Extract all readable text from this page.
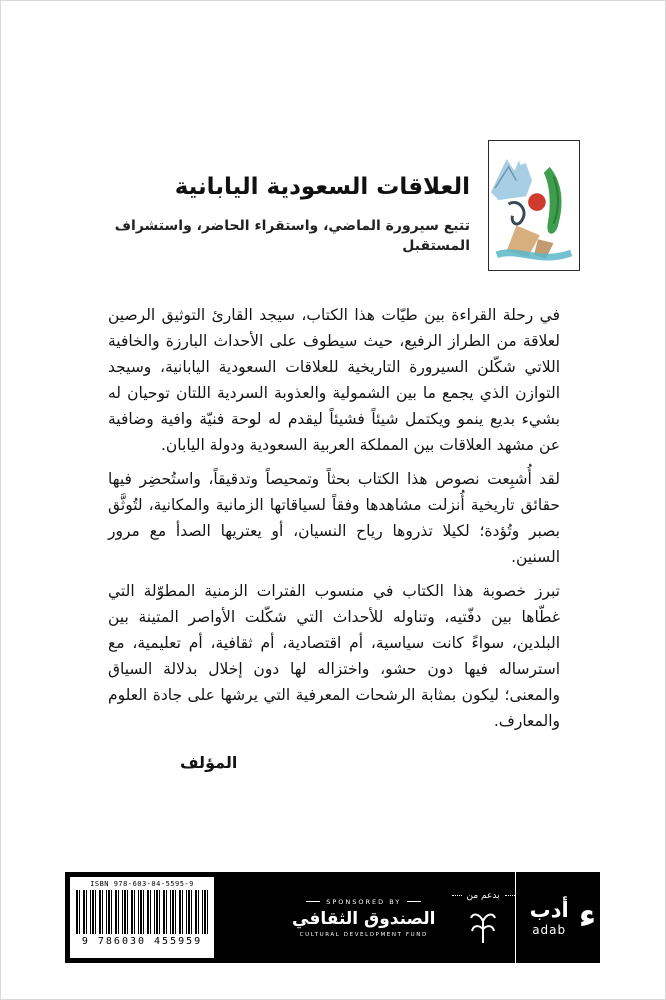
العلاقات السعودية اليابانية
تتبع سيرورة الماضي، واستقراء الحاضر، واستشراف المستقبل

في رحلة القراءة بين طيّات هذا الكتاب، سيجد القارئ التوثيق الرصين لعلاقة من الطراز الرفيع، حيث سيطوف على الأحداث البارزة والخافية اللاتي شكّلن السيرورة التاريخية للعلاقات السعودية اليابانية، وسيجد التوازن الذي يجمع ما بين الشمولية والعذوبة السردية اللتان توحيان له بشيء بديع ينمو ويكتمل شيئاً فشيئاً ليقدم له لوحة فنيّة وافية وضافية عن مشهد العلاقات بين المملكة العربية السعودية ودولة اليابان.

لقد أُشبِعت نصوص هذا الكتاب بحثاً وتمحيصاً وتدقيقاً، واستُحضِر فيها حقائق تاريخية أُنزلت مشاهدها وفقاً لسياقاتها الزمانية والمكانية، لتُوثَّق بصبر وتُؤدة؛ لكيلا تذروها رياح النسيان، أو يعتريها الصدأ مع مرور السنين.

تبرز خصوبة هذا الكتاب في منسوب الفترات الزمنية المطوّلة التي غطّاها بين دفّتيه، وتناوله للأحداث التي شكّلت الأواصر المتينة بين البلدين، سواءً كانت سياسية، أم اقتصادية، أم ثقافية، أم تعليمية، مع استرساله فيها دون حشو، واختزاله لها دون إخلال بدلالة السياق والمعنى؛ ليكون بمثابة الرشحات المعرفية التي يرشها على جادة العلوم والمعارف.

المؤلف
ISBN 978-603-04-5595-9
9 786030 455959
SPONSORED BY
الصندوق الثقافي
CULTURAL DEVELOPMENT FUND
بدعم من
أدب
adab ء
